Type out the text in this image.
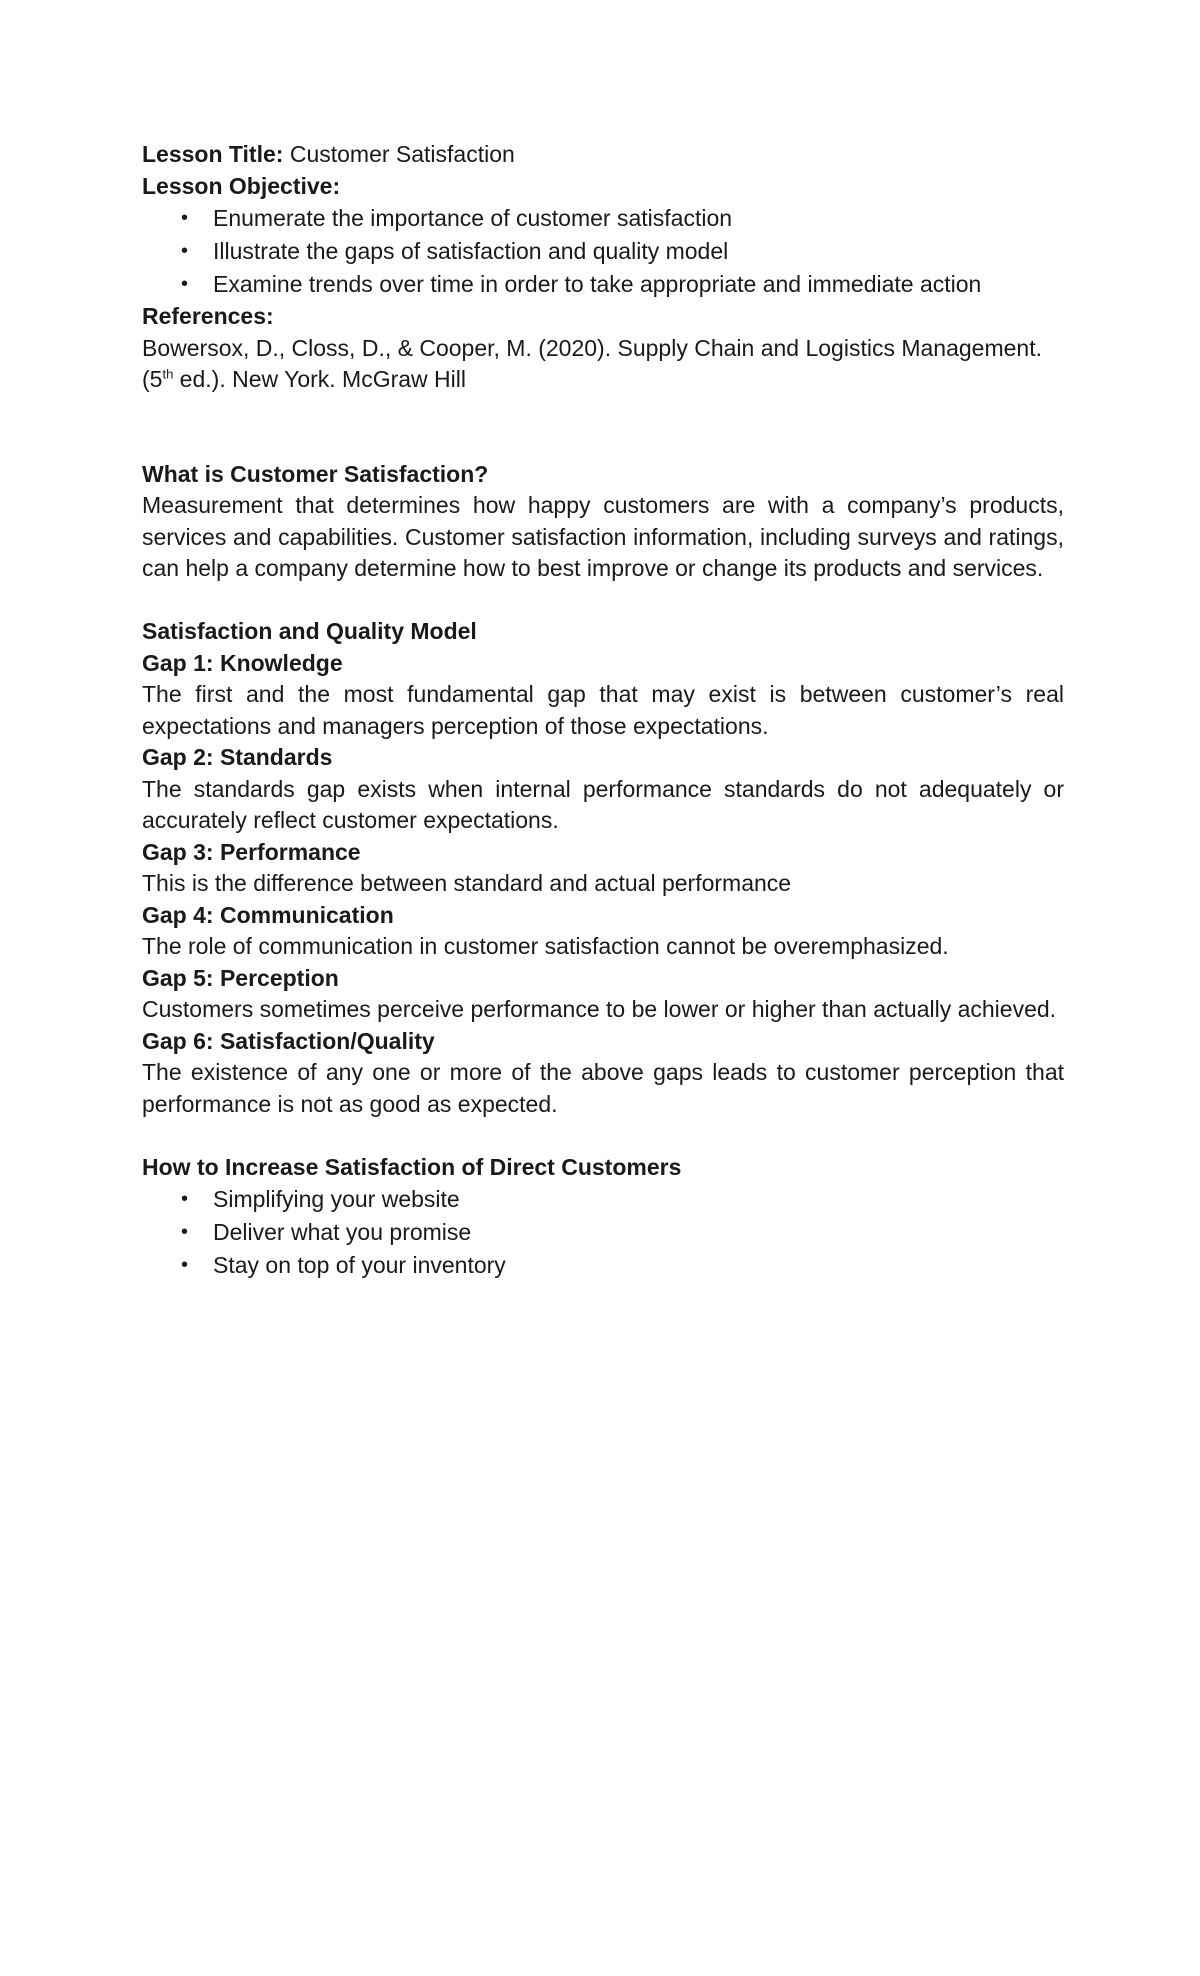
Lesson Title: Customer Satisfaction

Lesson Objective:

• Enumerate the importance of customer satisfaction
• Illustrate the gaps of satisfaction and quality model
• Examine trends over time in order to take appropriate and immediate action

References:

Bowersox, D., Closs, D., & Cooper, M. (2020). Supply Chain and Logistics Management.

(5th ed.). New York. McGraw Hill

What is Customer Satisfaction?

Measurement that determines how happy customers are with a company’s products, services and capabilities. Customer satisfaction information, including surveys and ratings, can help a company determine how to best improve or change its products and services.

Satisfaction and Quality Model

Gap 1: Knowledge

The first and the most fundamental gap that may exist is between customer’s real expectations and managers perception of those expectations.

Gap 2: Standards

The standards gap exists when internal performance standards do not adequately or accurately reflect customer expectations.

Gap 3: Performance

This is the difference between standard and actual performance

Gap 4: Communication

The role of communication in customer satisfaction cannot be overemphasized.

Gap 5: Perception

Customers sometimes perceive performance to be lower or higher than actually achieved.

Gap 6: Satisfaction/Quality

The existence of any one or more of the above gaps leads to customer perception that performance is not as good as expected.

How to Increase Satisfaction of Direct Customers

• Simplifying your website
• Deliver what you promise
• Stay on top of your inventory
